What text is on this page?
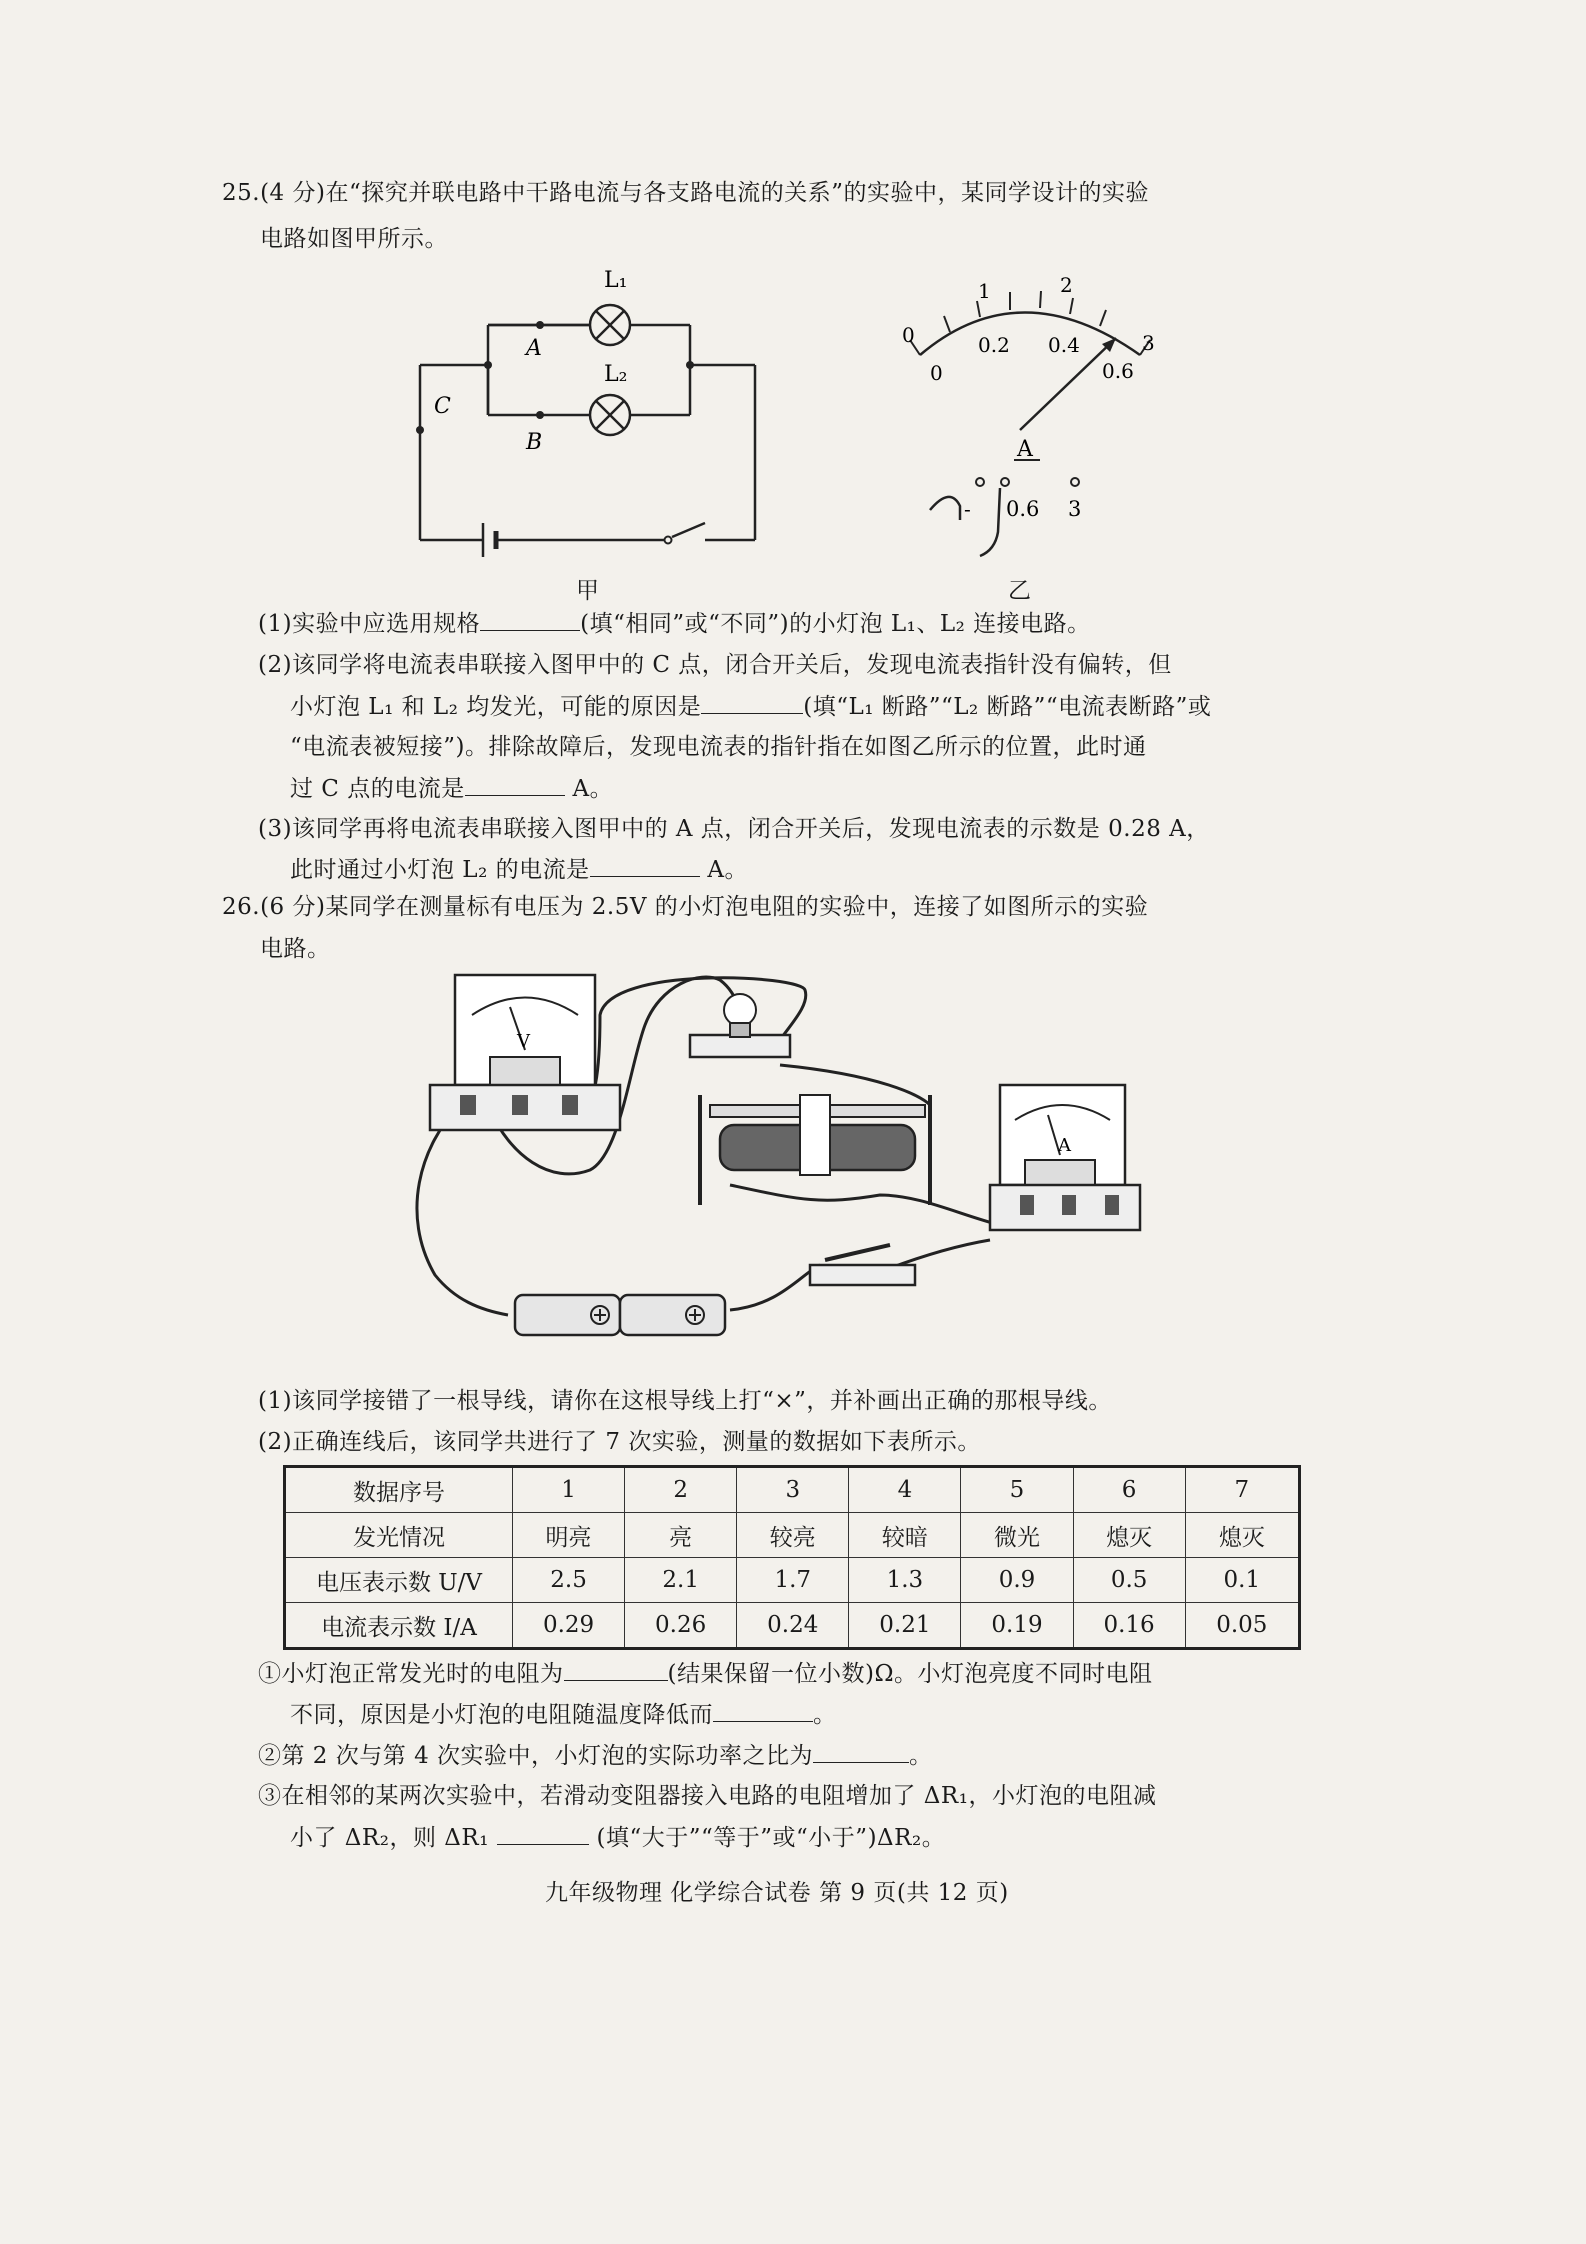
25.(4 分)在“探究并联电路中干路电流与各支路电流的关系”的实验中，某同学设计的实验
电路如图甲所示。
L₁
L₂
A
B
C
甲
0
1	2
3
0
0.2 0.4
0.6
A
- 0.6 3
乙
(1)实验中应选用规格	(填“相同”或“不同”)的小灯泡 L₁、L₂ 连接电路。
(2)该同学将电流表串联接入图甲中的 C 点，闭合开关后，发现电流表指针没有偏转，但
小灯泡 L₁ 和 L₂ 均发光，可能的原因是	(填“L₁ 断路”“L₂ 断路”“电流表断路”或
“电流表被短接”)。排除故障后，发现电流表的指针指在如图乙所示的位置，此时通
过 C 点的电流是	A。
(3)该同学再将电流表串联接入图甲中的 A 点，闭合开关后，发现电流表的示数是 0.28 A，
此时通过小灯泡 L₂ 的电流是	A。
26.(6 分)某同学在测量标有电压为 2.5V 的小灯泡电阻的实验中，连接了如图所示的实验
电路。
V
A
(1)该同学接错了一根导线，请你在这根导线上打“×”，并补画出正确的那根导线。
(2)正确连线后，该同学共进行了 7 次实验，测量的数据如下表所示。
数据序号	1	2	3	4	5	6	7
发光情况	明亮	亮	较亮	较暗	微光	熄灭	熄灭
电压表示数 U/V	2.5	2.1	1.7	1.3	0.9	0.5	0.1
电流表示数 I/A	0.29	0.26	0.24	0.21	0.19	0.16	0.05
①小灯泡正常发光时的电阻为	(结果保留一位小数)Ω。小灯泡亮度不同时电阻
不同，原因是小灯泡的电阻随温度降低而	。
②第 2 次与第 4 次实验中，小灯泡的实际功率之比为	。
③在相邻的某两次实验中，若滑动变阻器接入电路的电阻增加了 ΔR₁，小灯泡的电阻减
小了 ΔR₂，则 ΔR₁	(填“大于”“等于”或“小于”)ΔR₂。
九年级物理 化学综合试卷 第 9 页(共 12 页)
